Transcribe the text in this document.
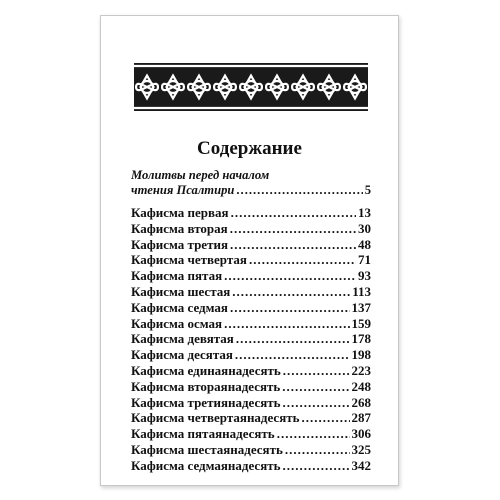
Содержание
Молитвы перед началом
чтения Псалтири .....	5
Кафисма первая .....	13
Кафисма вторая .....	30
Кафисма третия .....	48
Кафисма четвертая .....	71
Кафисма пятая .....	93
Кафисма шестая .....	113
Кафисма седмая .....	137
Кафисма осмая .....	159
Кафисма девятая .....	178
Кафисма десятая .....	198
Кафисма единаянадесять .....	223
Кафисма втораянадесять .....	248
Кафисма третиянадесять .....	268
Кафисма четвертаянадесять .....	287
Кафисма пятаянадесять .....	306
Кафисма шестаянадесять .....	325
Кафисма седмаянадесять .....	342
